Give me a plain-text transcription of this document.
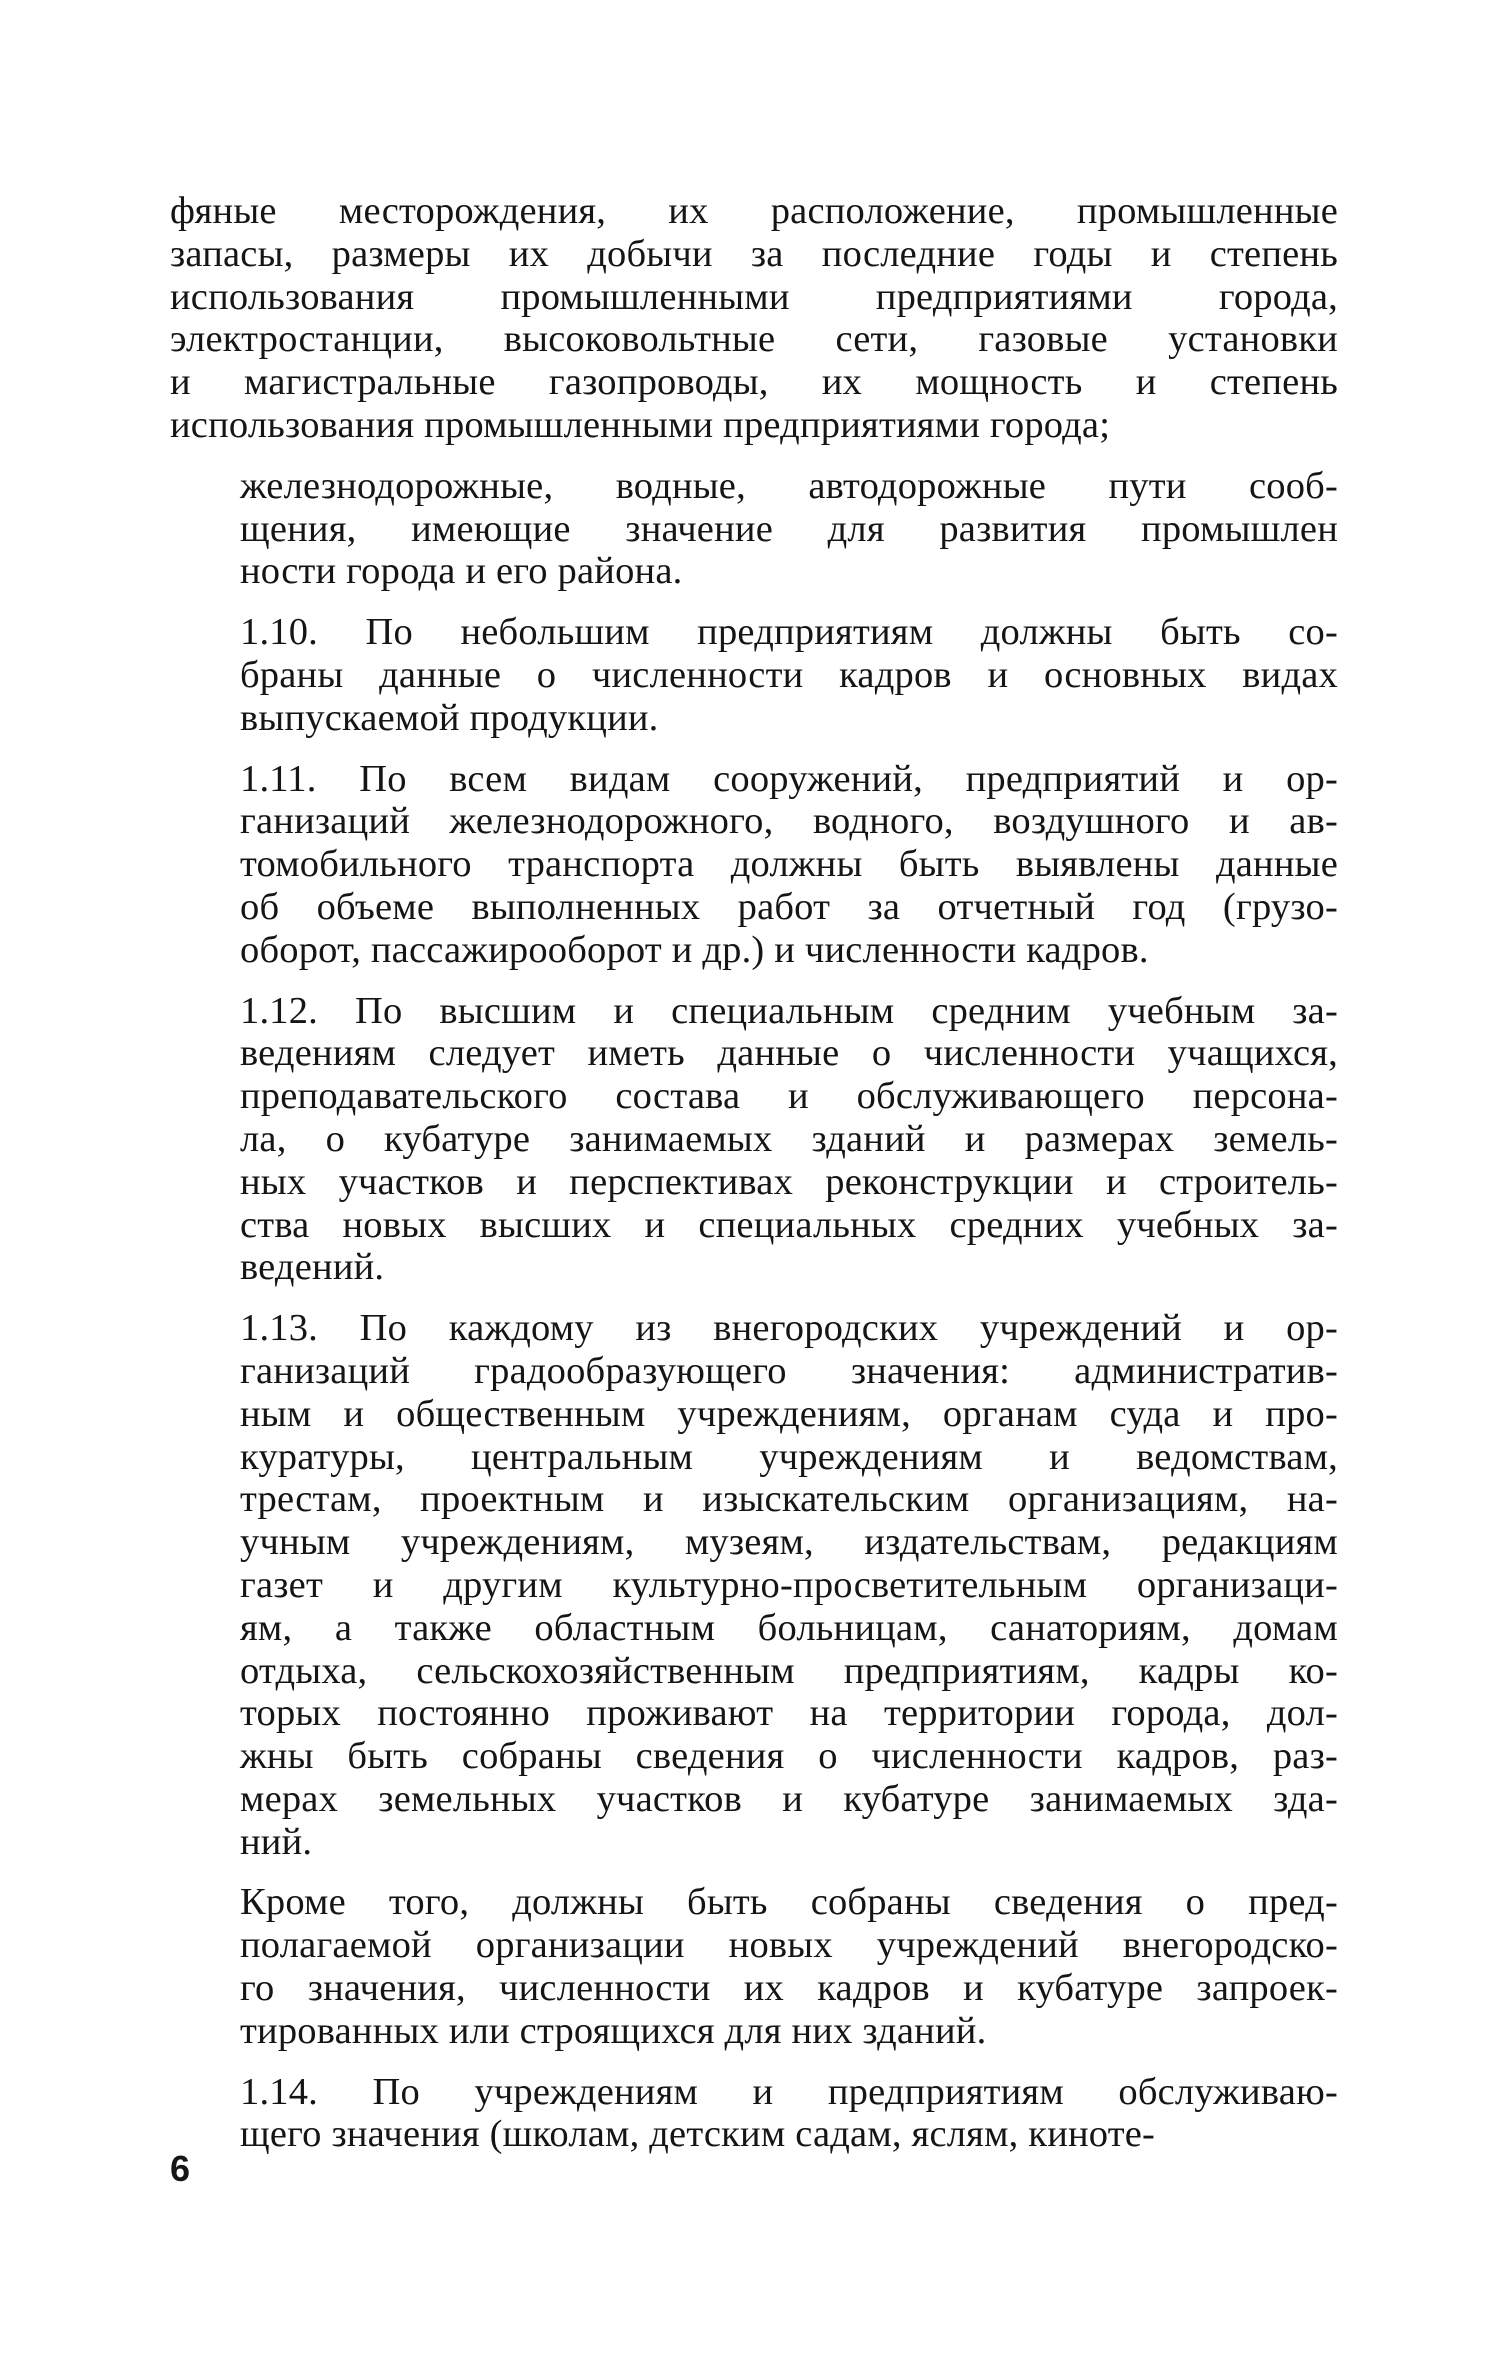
фяные месторождения, их расположение, промышленные
запасы, размеры их добычи за последние годы и степень
использования промышленными предприятиями города,
электростанции, высоковольтные сети, газовые установки
и магистральные газопроводы, их мощность и степень
использования промышленными предприятиями города;
железнодорожные, водные, автодорожные пути сооб-
щения, имеющие значение для развития промышлен
ности города и его района.
1.10. По небольшим предприятиям должны быть со-
браны данные о численности кадров и основных видах
выпускаемой продукции.
1.11. По всем видам сооружений, предприятий и ор-
ганизаций железнодорожного, водного, воздушного и ав-
томобильного транспорта должны быть выявлены данные
об объеме выполненных работ за отчетный год (грузо-
оборот, пассажирооборот и др.) и численности кадров.
1.12. По высшим и специальным средним учебным за-
ведениям следует иметь данные о численности учащихся,
преподавательского состава и обслуживающего персона-
ла, о кубатуре занимаемых зданий и размерах земель-
ных участков и перспективах реконструкции и строитель-
ства новых высших и специальных средних учебных за-
ведений.
1.13. По каждому из внегородских учреждений и ор-
ганизаций градообразующего значения: административ-
ным и общественным учреждениям, органам суда и про-
куратуры, центральным учреждениям и ведомствам,
трестам, проектным и изыскательским организациям, на-
учным учреждениям, музеям, издательствам, редакциям
газет и другим культурно-просветительным организаци-
ям, а также областным больницам, санаториям, домам
отдыха, сельскохозяйственным предприятиям, кадры ко-
торых постоянно проживают на территории города, дол-
жны быть собраны сведения о численности кадров, раз-
мерах земельных участков и кубатуре занимаемых зда-
ний.
Кроме того, должны быть собраны сведения о пред-
полагаемой организации новых учреждений внегородско-
го значения, численности их кадров и кубатуре запроек-
тированных или строящихся для них зданий.
1.14. По учреждениям и предприятиям обслуживаю-
щего значения (школам, детским садам, яслям, киноте-
6
